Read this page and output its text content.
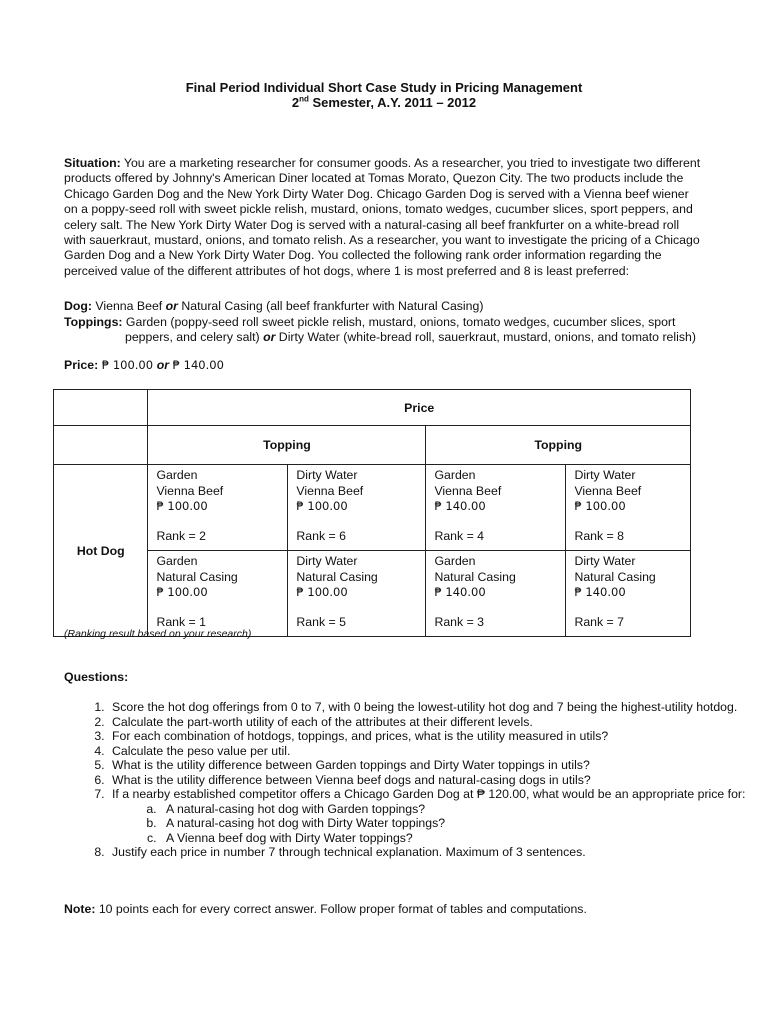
Final Period Individual Short Case Study in Pricing Management
2nd Semester, A.Y. 2011 – 2012
Situation: You are a marketing researcher for consumer goods. As a researcher, you tried to investigate two different products offered by Johnny's American Diner located at Tomas Morato, Quezon City. The two products include the Chicago Garden Dog and the New York Dirty Water Dog. Chicago Garden Dog is served with a Vienna beef wiener on a poppy-seed roll with sweet pickle relish, mustard, onions, tomato wedges, cucumber slices, sport peppers, and celery salt. The New York Dirty Water Dog is served with a natural-casing all beef frankfurter on a white-bread roll with sauerkraut, mustard, onions, and tomato relish. As a researcher, you want to investigate the pricing of a Chicago Garden Dog and a New York Dirty Water Dog. You collected the following rank order information regarding the perceived value of the different attributes of hot dogs, where 1 is most preferred and 8 is least preferred:
Dog: Vienna Beef or Natural Casing (all beef frankfurter with Natural Casing)
Toppings: Garden (poppy-seed roll sweet pickle relish, mustard, onions, tomato wedges, cucumber slices, sport
peppers, and celery salt) or Dirty Water (white-bread roll, sauerkraut, mustard, onions, and tomato relish)
Price: ₱ 100.00 or ₱ 140.00
	Price			
	Topping		Topping	
Hot Dog	Garden
Vienna Beef
₱ 100.00
Rank = 2	Dirty Water
Vienna Beef
₱ 100.00
Rank = 6	Garden
Vienna Beef
₱ 140.00
Rank = 4	Dirty Water
Vienna Beef
₱ 100.00
Rank = 8

	Garden
Natural Casing
₱ 100.00
Rank = 1	Dirty Water
Natural Casing
₱ 100.00
Rank = 5	Garden
Natural Casing
₱ 140.00
Rank = 3	Dirty Water
Natural Casing
₱ 140.00
Rank = 7
(Ranking result based on your research)
Questions:
1. Score the hot dog offerings from 0 to 7, with 0 being the lowest-utility hot dog and 7 being the highest-utility hotdog.
2. Calculate the part-worth utility of each of the attributes at their different levels.
3. For each combination of hotdogs, toppings, and prices, what is the utility measured in utils?
4. Calculate the peso value per util.
5. What is the utility difference between Garden toppings and Dirty Water toppings in utils?
6. What is the utility difference between Vienna beef dogs and natural-casing dogs in utils?
7. If a nearby established competitor offers a Chicago Garden Dog at ₱ 120.00, what would be an appropriate price for:
a. A natural-casing hot dog with Garden toppings?
b. A natural-casing hot dog with Dirty Water toppings?
c. A Vienna beef dog with Dirty Water toppings?
8. Justify each price in number 7 through technical explanation. Maximum of 3 sentences.
Note: 10 points each for every correct answer. Follow proper format of tables and computations.
